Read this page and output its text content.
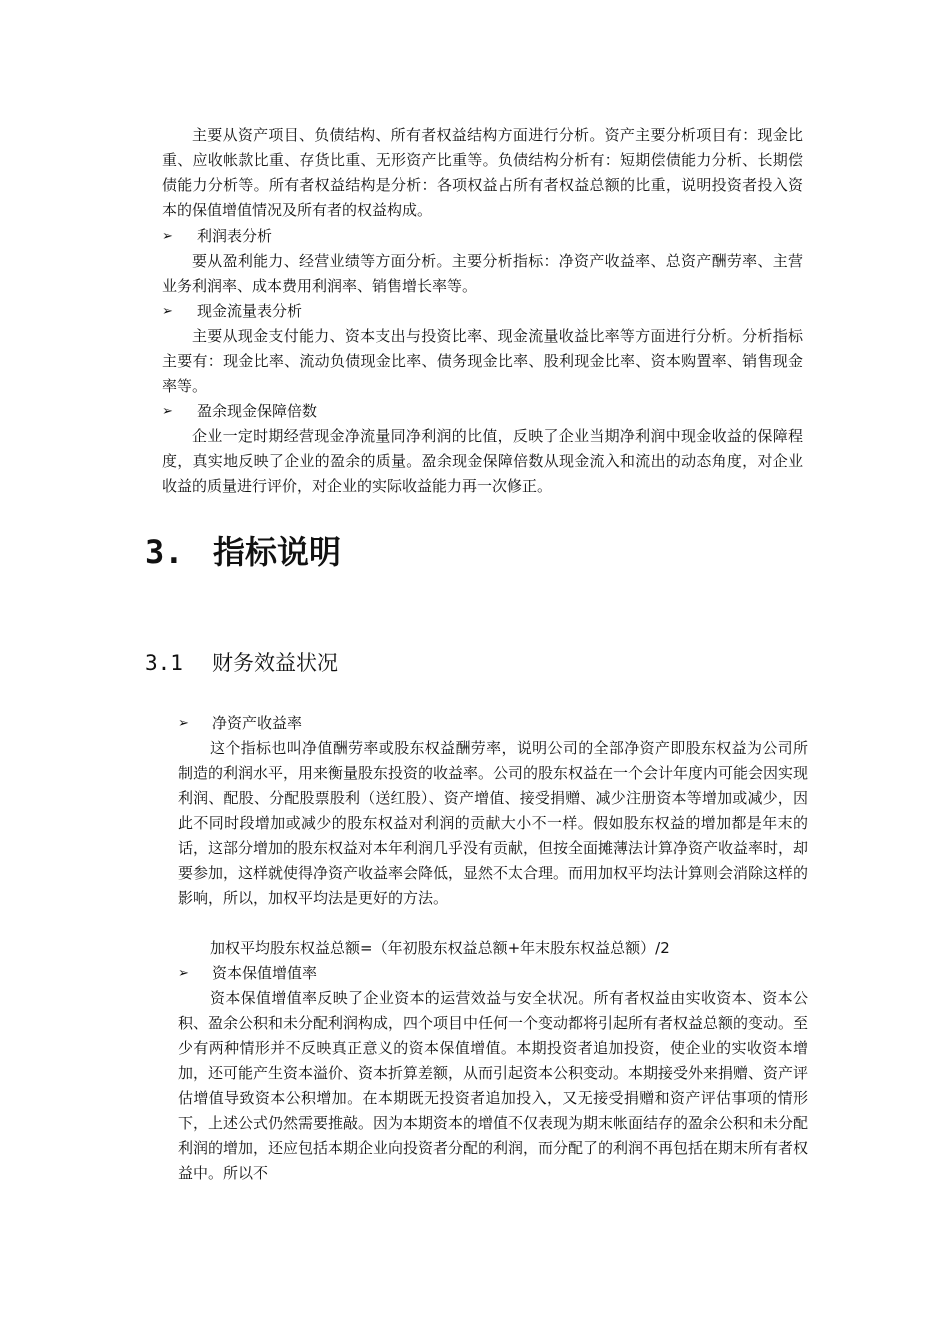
主要从资产项目、负债结构、所有者权益结构方面进行分析。资产主要分析项目有：现金比重、应收帐款比重、存货比重、无形资产比重等。负债结构分析有：短期偿债能力分析、长期偿债能力分析等。所有者权益结构是分析：各项权益占所有者权益总额的比重，说明投资者投入资本的保值增值情况及所有者的权益构成。

➢	利润表分析

要从盈利能力、经营业绩等方面分析。主要分析指标：净资产收益率、总资产酬劳率、主营业务利润率、成本费用利润率、销售增长率等。

➢	现金流量表分析

主要从现金支付能力、资本支出与投资比率、现金流量收益比率等方面进行分析。分析指标主要有：现金比率、流动负债现金比率、债务现金比率、股利现金比率、资本购置率、销售现金率等。

➢	盈余现金保障倍数

企业一定时期经营现金净流量同净利润的比值，反映了企业当期净利润中现金收益的保障程度，真实地反映了企业的盈余的质量。盈余现金保障倍数从现金流入和流出的动态角度，对企业收益的质量进行评价，对企业的实际收益能力再一次修正。

3. 指标说明
3.1	财务效益状况
➢	净资产收益率

这个指标也叫净值酬劳率或股东权益酬劳率，说明公司的全部净资产即股东权益为公司所制造的利润水平，用来衡量股东投资的收益率。公司的股东权益在一个会计年度内可能会因实现利润、配股、分配股票股利（送红股）、资产增值、接受捐赠、减少注册资本等增加或减少，因此不同时段增加或减少的股东权益对利润的贡献大小不一样。假如股东权益的增加都是年末的话，这部分增加的股东权益对本年利润几乎没有贡献，但按全面摊薄法计算净资产收益率时，却要参加，这样就使得净资产收益率会降低，显然不太合理。而用加权平均法计算则会消除这样的影响，所以，加权平均法是更好的方法。

加权平均股东权益总额=（年初股东权益总额+年末股东权益总额）/2

➢	资本保值增值率

资本保值增值率反映了企业资本的运营效益与安全状况。所有者权益由实收资本、资本公积、盈余公积和未分配利润构成，四个项目中任何一个变动都将引起所有者权益总额的变动。至少有两种情形并不反映真正意义的资本保值增值。本期投资者追加投资，使企业的实收资本增加，还可能产生资本溢价、资本折算差额，从而引起资本公积变动。本期接受外来捐赠、资产评估增值导致资本公积增加。在本期既无投资者追加投入，又无接受捐赠和资产评估事项的情形下，上述公式仍然需要推敲。因为本期资本的增值不仅表现为期末帐面结存的盈余公积和未分配利润的增加，还应包括本期企业向投资者分配的利润，而分配了的利润不再包括在期末所有者权益中。所以不
